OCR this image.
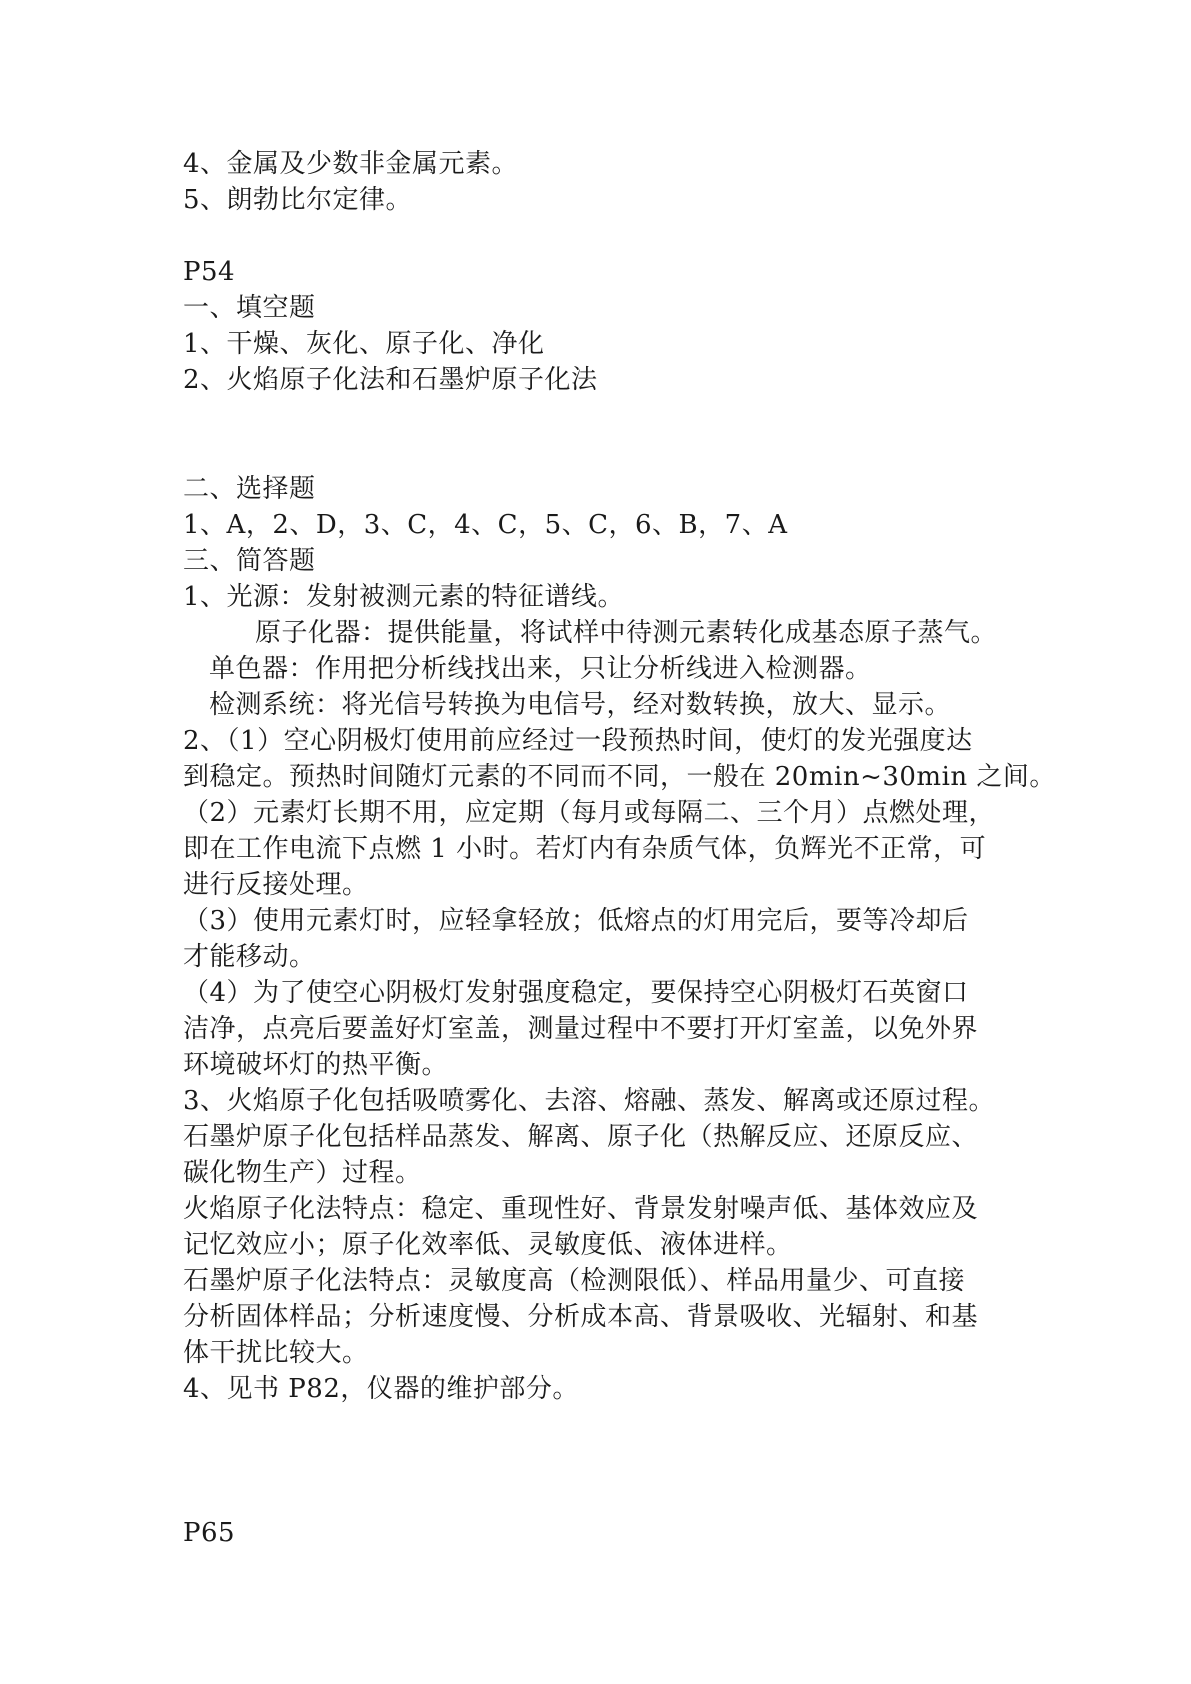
4、金属及少数非金属元素。
5、朗勃比尔定律。
P54
一、填空题
1、干燥、灰化、原子化、净化
2、火焰原子化法和石墨炉原子化法
二、选择题
1、A，2、D，3、C，4、C，5、C，6、B，7、A
三、简答题
1、光源：发射被测元素的特征谱线。
原子化器：提供能量，将试样中待测元素转化成基态原子蒸气。
单色器：作用把分析线找出来，只让分析线进入检测器。
检测系统：将光信号转换为电信号，经对数转换，放大、显示。
2、（1）空心阴极灯使用前应经过一段预热时间，使灯的发光强度达
到稳定。预热时间随灯元素的不同而不同，一般在 20min~30min 之间。
（2）元素灯长期不用，应定期（每月或每隔二、三个月）点燃处理，
即在工作电流下点燃 1 小时。若灯内有杂质气体，负辉光不正常，可
进行反接处理。
（3）使用元素灯时，应轻拿轻放；低熔点的灯用完后，要等冷却后
才能移动。
（4）为了使空心阴极灯发射强度稳定，要保持空心阴极灯石英窗口
洁净，点亮后要盖好灯室盖，测量过程中不要打开灯室盖，以免外界
环境破坏灯的热平衡。
3、火焰原子化包括吸喷雾化、去溶、熔融、蒸发、解离或还原过程。
石墨炉原子化包括样品蒸发、解离、原子化（热解反应、还原反应、
碳化物生产）过程。
火焰原子化法特点：稳定、重现性好、背景发射噪声低、基体效应及
记忆效应小；原子化效率低、灵敏度低、液体进样。
石墨炉原子化法特点：灵敏度高（检测限低）、样品用量少、可直接
分析固体样品；分析速度慢、分析成本高、背景吸收、光辐射、和基
体干扰比较大。
4、见书 P82，仪器的维护部分。
P65
